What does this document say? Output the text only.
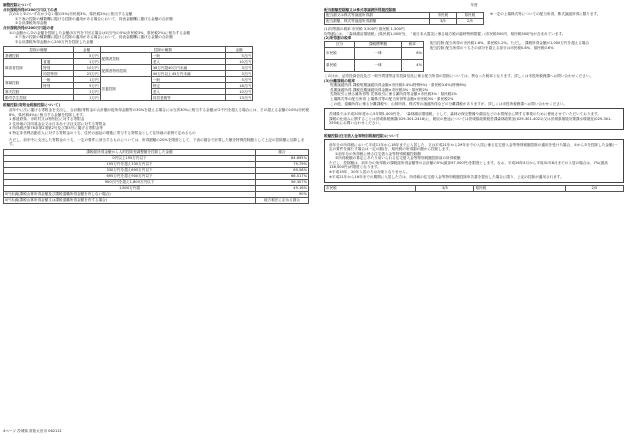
調整控除について

合計課税所得が200万円以下の者

次の①と②のいずれか少ない額の5%(市民税3%、県民税2%)に相当する金額

①下表の控除の種類欄に掲げる控除の適用がある場合において、同表金額欄に掲げる金額の合計額

②合計課税所得金額

合計課税所得が200万円超の者

①の金額から②の金額を控除した金額(5万円を下回る場合は5万円)の5%(市民税3%、県民税2%)に相当する金額

①下表の控除の種類欄に掲げる控除の適用がある場合において、同表金額欄に掲げる金額の合計額

②合計課税所得金額から200万円を控除した金額

控除の種類		金額	控除の種類		金額
基礎控除		5万円	配偶者控除	一般	5万円
障害者控除	普通	1万円		老人	10万円
	特別	10万円	配偶者特別控除	38万円超40万円未満	3万円
	同居特別	22万円		40万円以上45万円未満	3万円
寡婦控除	一般	1万円	扶養控除	一般	5万円
	特別	5万円		特定	18万円
寡夫控除		1万円		老人	10万円
勤労学生控除		1万円		同居老親等	13万円

税額控除(寄附金税額控除について)

前年中に次に掲げる寄附金を支出し、合計額(寄附金の合計額が総所得金額等の30%を超える場合には当該30%に相当する金額)が2千円を超える場合には、その超える金額の10%(市民税6%、県民税4%)に相当する金額を控除します。

1 都道府県、市町村又は特別区に対する寄附金

2 住所地の共同募金会又は日本赤十字社支部に対する寄附金

3 所得税法第78条第2項第2号及び第3号に掲げる寄附金等

4 特定非営利活動法人に対する寄附金のうち、住民の福祉の増進に寄与する寄附金として住所地の条例で定めるもの

ただし、前年中に支出した寄附金のうち、一定の要件に該当するものについては、所得割額の20%を限度として、下表の割合で計算した額を特例控除額として上記の控除額に加算します。

課税総所得金額から人的控除差調整額を控除した金額	割合
0円以上195万円以下	84.895%
195万円を超え330万円以下	79.79%
330万円を超え695万円以下	69.58%
695万円を超え900万円以下	66.517%
900万円を超え1,800万円以下	56.307%
1,800万円超	49.16%
0円未満(課税山林所得金額及び課税退職所得金額を有しない場合)	90%
0円未満(課税山林所得金額又は課税退職所得金額を有する場合)	地方税法に定める割合

4ページ 茨城県 常陸太田市 062121

年度

配当割額控除額又は株式等譲渡所得割控除額

配当割又は株式等譲渡所得割	市民税	県民税
配当割額、株式等譲渡所得割額	3/5	2/5

※一定の上場株式等についての配当所得、株式譲渡所得に限ります。

(1)均等割の税率 市民税 3,500円 県民税 1,500円

均等割には、「森林湖沼環境税」(県民税1,000円)、「東日本大震災に係る地方税の臨時特例措置」(市民税500円、県民税500円)が含まれています。

(2)所得割の税率

区分	課税標準額	税率
市民税	一律	6%
県民税	一律	4%

配当控除 配当所得の市民税1.6%、県民税1.2%。ただし、課税所得金額が1,000万円を超える場合

配当控除 配当所得のうちその部分を超える部分は市民税0.8%、県民税0.6%

このほか、証券投資信託及び一般外貨建等証券投資信託に係る配当所得の控除については、異なった税率となります。詳しくは市役所税務課へお問い合わせください。

(3)分離課税の税率

短期譲渡所得 課税短期譲渡所得金額×市民税5.4%(特例9%)・県民税3.6%(特例6%)

長期譲渡所得 課税長期譲渡所得金額×市民税3%・県民税2%

先物取引に係る雑所得等 先物取引に係る雑所得等金額×市民税3%・県民税2%

上場株式等の配当所得 上場株式等の配当所得等金額×市民税3%・県民税2%

この他、退職所得に係る分離課税や、山林所得、株式等の譲渡所得などの分離課税がありますが、詳しくは市役所税務課へお問い合わせください。

茨城県では平成20年度から5年間1,000円を、「森林湖沼環境税」として、森林の保全整備や湖沼などの水質保全に関する事業のために使用させていただいております。

課税の仕組みに関することは茨城県税務課(029-301-2418)に、税収の使途については茨城県政策経営課森林政策室(029-301-4021)又は茨城県環境対策課水環境室(029-301-2954)にお問い合わせください。

税額控除(住宅借入金等特別税額控除)について

前年分の所得税において平成11年から18年までに入居した、又は平成21年から29年までの入居に係る住宅借入金等特別税額控除の適用を受けた場合、①から②を控除した金額(一定の要件を満たす場合は一定の額)を、県民税の所得割の額から控除します。

①前年分の所得税に係る住宅借入金等特別税額控除額

②所得税額の算定にあたり用いられる住宅借入金等特別税額控除前の所得税額

ただし、控除額は、前年分の所得税の課税総所得金額等の合計額の5%(最高97,500円)を限度とします。なお、平成26年4月から平成31年6月までの入居の場合は、7%(最高136,500円)が限度となります。

※平成19年、20年入居の方は対象となりません。

※平成21年から16年までの期間に入居した方は、所得税の住宅借入金等特別税額控除申告書を提出した場合に限り、上記の控除が適用されます。

市民税	3/5	県民税	2/5
